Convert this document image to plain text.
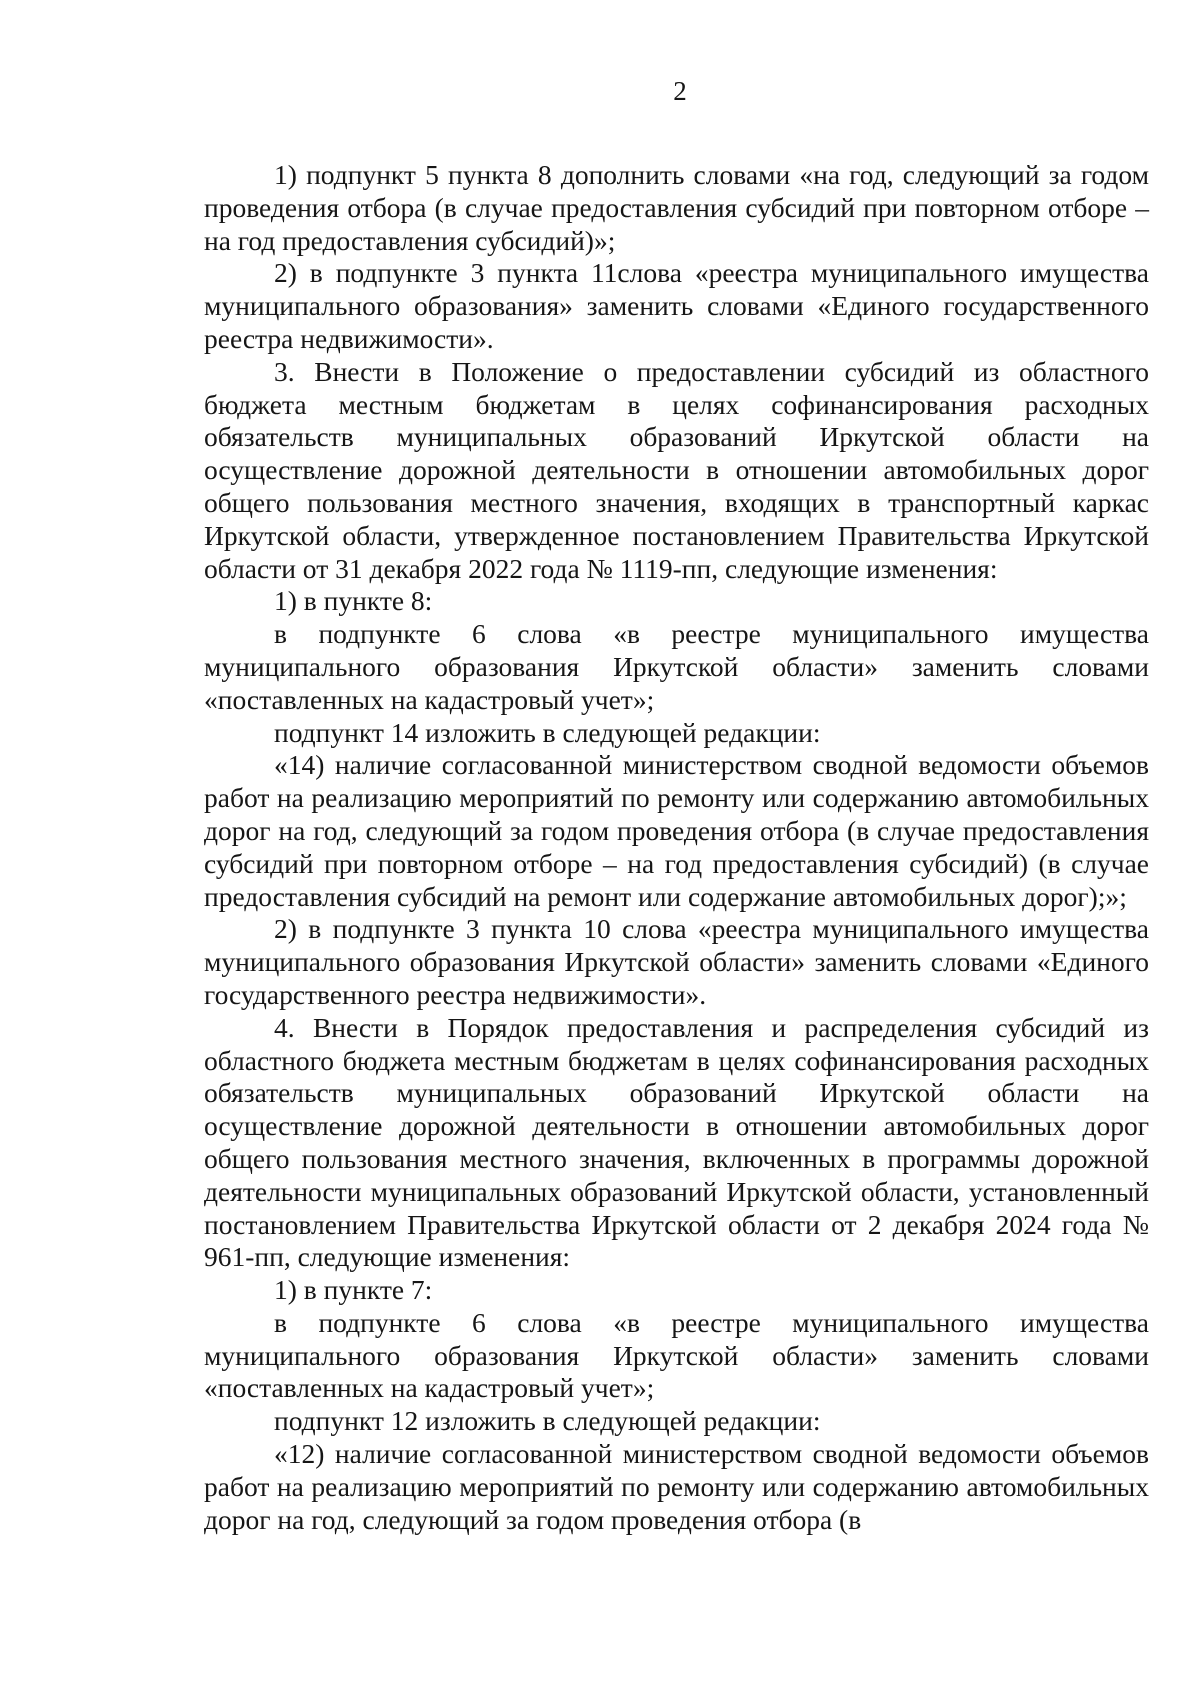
2

1) подпункт 5 пункта 8 дополнить словами «на год, следующий за годом проведения отбора (в случае предоставления субсидий при повторном отборе – на год предоставления субсидий)»;

2) в подпункте 3 пункта 11слова «реестра муниципального имущества муниципального образования» заменить словами «Единого государственного реестра недвижимости».

3. Внести в Положение о предоставлении субсидий из областного бюджета местным бюджетам в целях софинансирования расходных обязательств муниципальных образований Иркутской области на осуществление дорожной деятельности в отношении автомобильных дорог общего пользования местного значения, входящих в транспортный каркас Иркутской области, утвержденное постановлением Правительства Иркутской области от 31 декабря 2022 года № 1119-пп, следующие изменения:

1) в пункте 8:

в подпункте 6 слова «в реестре муниципального имущества муниципального образования Иркутской области» заменить словами «поставленных на кадастровый учет»;

подпункт 14 изложить в следующей редакции:

«14) наличие согласованной министерством сводной ведомости объемов работ на реализацию мероприятий по ремонту или содержанию автомобильных дорог на год, следующий за годом проведения отбора (в случае предоставления субсидий при повторном отборе – на год предоставления субсидий) (в случае предоставления субсидий на ремонт или содержание автомобильных дорог);»;

2) в подпункте 3 пункта 10 слова «реестра муниципального имущества муниципального образования Иркутской области» заменить словами «Единого государственного реестра недвижимости».

4. Внести в Порядок предоставления и распределения субсидий из областного бюджета местным бюджетам в целях софинансирования расходных обязательств муниципальных образований Иркутской области на осуществление дорожной деятельности в отношении автомобильных дорог общего пользования местного значения, включенных в программы дорожной деятельности муниципальных образований Иркутской области, установленный постановлением Правительства Иркутской области от 2 декабря 2024 года № 961-пп, следующие изменения:

1) в пункте 7:

в подпункте 6 слова «в реестре муниципального имущества муниципального образования Иркутской области» заменить словами «поставленных на кадастровый учет»;

подпункт 12 изложить в следующей редакции:

«12) наличие согласованной министерством сводной ведомости объемов работ на реализацию мероприятий по ремонту или содержанию автомобильных дорог на год, следующий за годом проведения отбора (в
